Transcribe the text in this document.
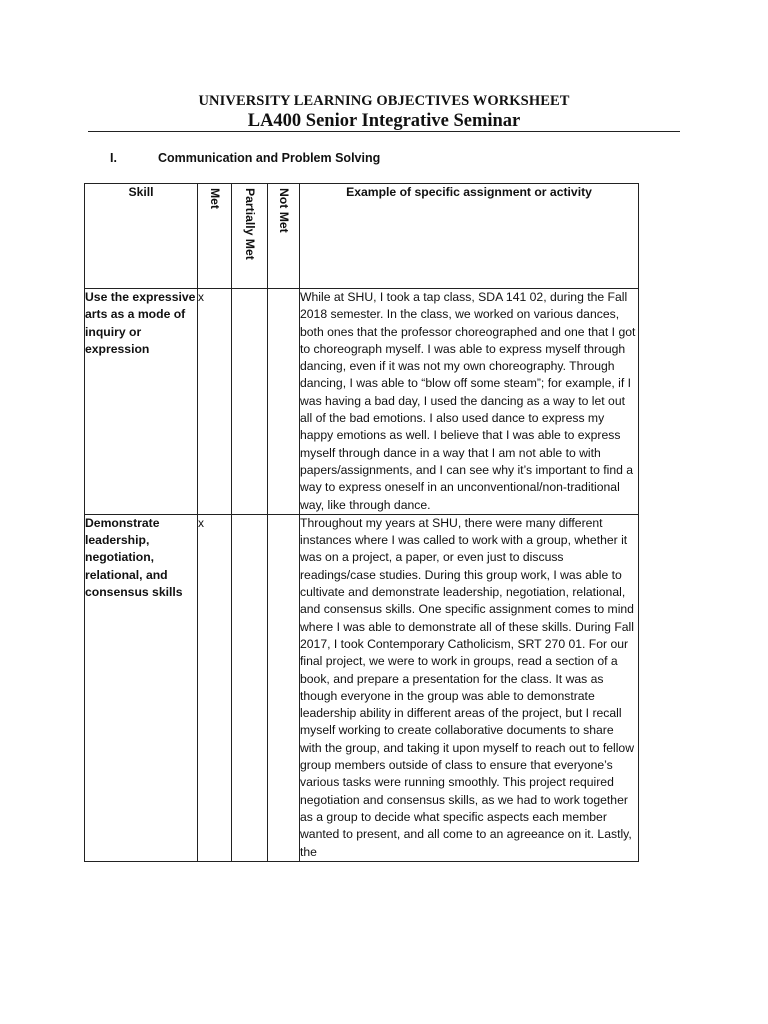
UNIVERSITY LEARNING OBJECTIVES WORKSHEET
LA400 Senior Integrative Seminar
I.	Communication and Problem Solving
Skill	Met	Partially Met	Not Met	Example of specific assignment or activity
Use the expressive arts as a mode of inquiry or expression	x			While at SHU, I took a tap class, SDA 141 02, during the Fall 2018 semester. In the class, we worked on various dances, both ones that the professor choreographed and one that I got to choreograph myself. I was able to express myself through dancing, even if it was not my own choreography. Through dancing, I was able to “blow off some steam”; for example, if I was having a bad day, I used the dancing as a way to let out all of the bad emotions. I also used dance to express my happy emotions as well. I believe that I was able to express myself through dance in a way that I am not able to with papers/assignments, and I can see why it’s important to find a way to express oneself in an unconventional/non-traditional way, like through dance.
Demonstrate leadership, negotiation, relational, and consensus skills	x			Throughout my years at SHU, there were many different instances where I was called to work with a group, whether it was on a project, a paper, or even just to discuss readings/case studies. During this group work, I was able to cultivate and demonstrate leadership, negotiation, relational, and consensus skills. One specific assignment comes to mind where I was able to demonstrate all of these skills. During Fall 2017, I took Contemporary Catholicism, SRT 270 01. For our final project, we were to work in groups, read a section of a book, and prepare a presentation for the class. It was as though everyone in the group was able to demonstrate leadership ability in different areas of the project, but I recall myself working to create collaborative documents to share with the group, and taking it upon myself to reach out to fellow group members outside of class to ensure that everyone’s various tasks were running smoothly. This project required negotiation and consensus skills, as we had to work together as a group to decide what specific aspects each member wanted to present, and all come to an agreeance on it. Lastly, the
